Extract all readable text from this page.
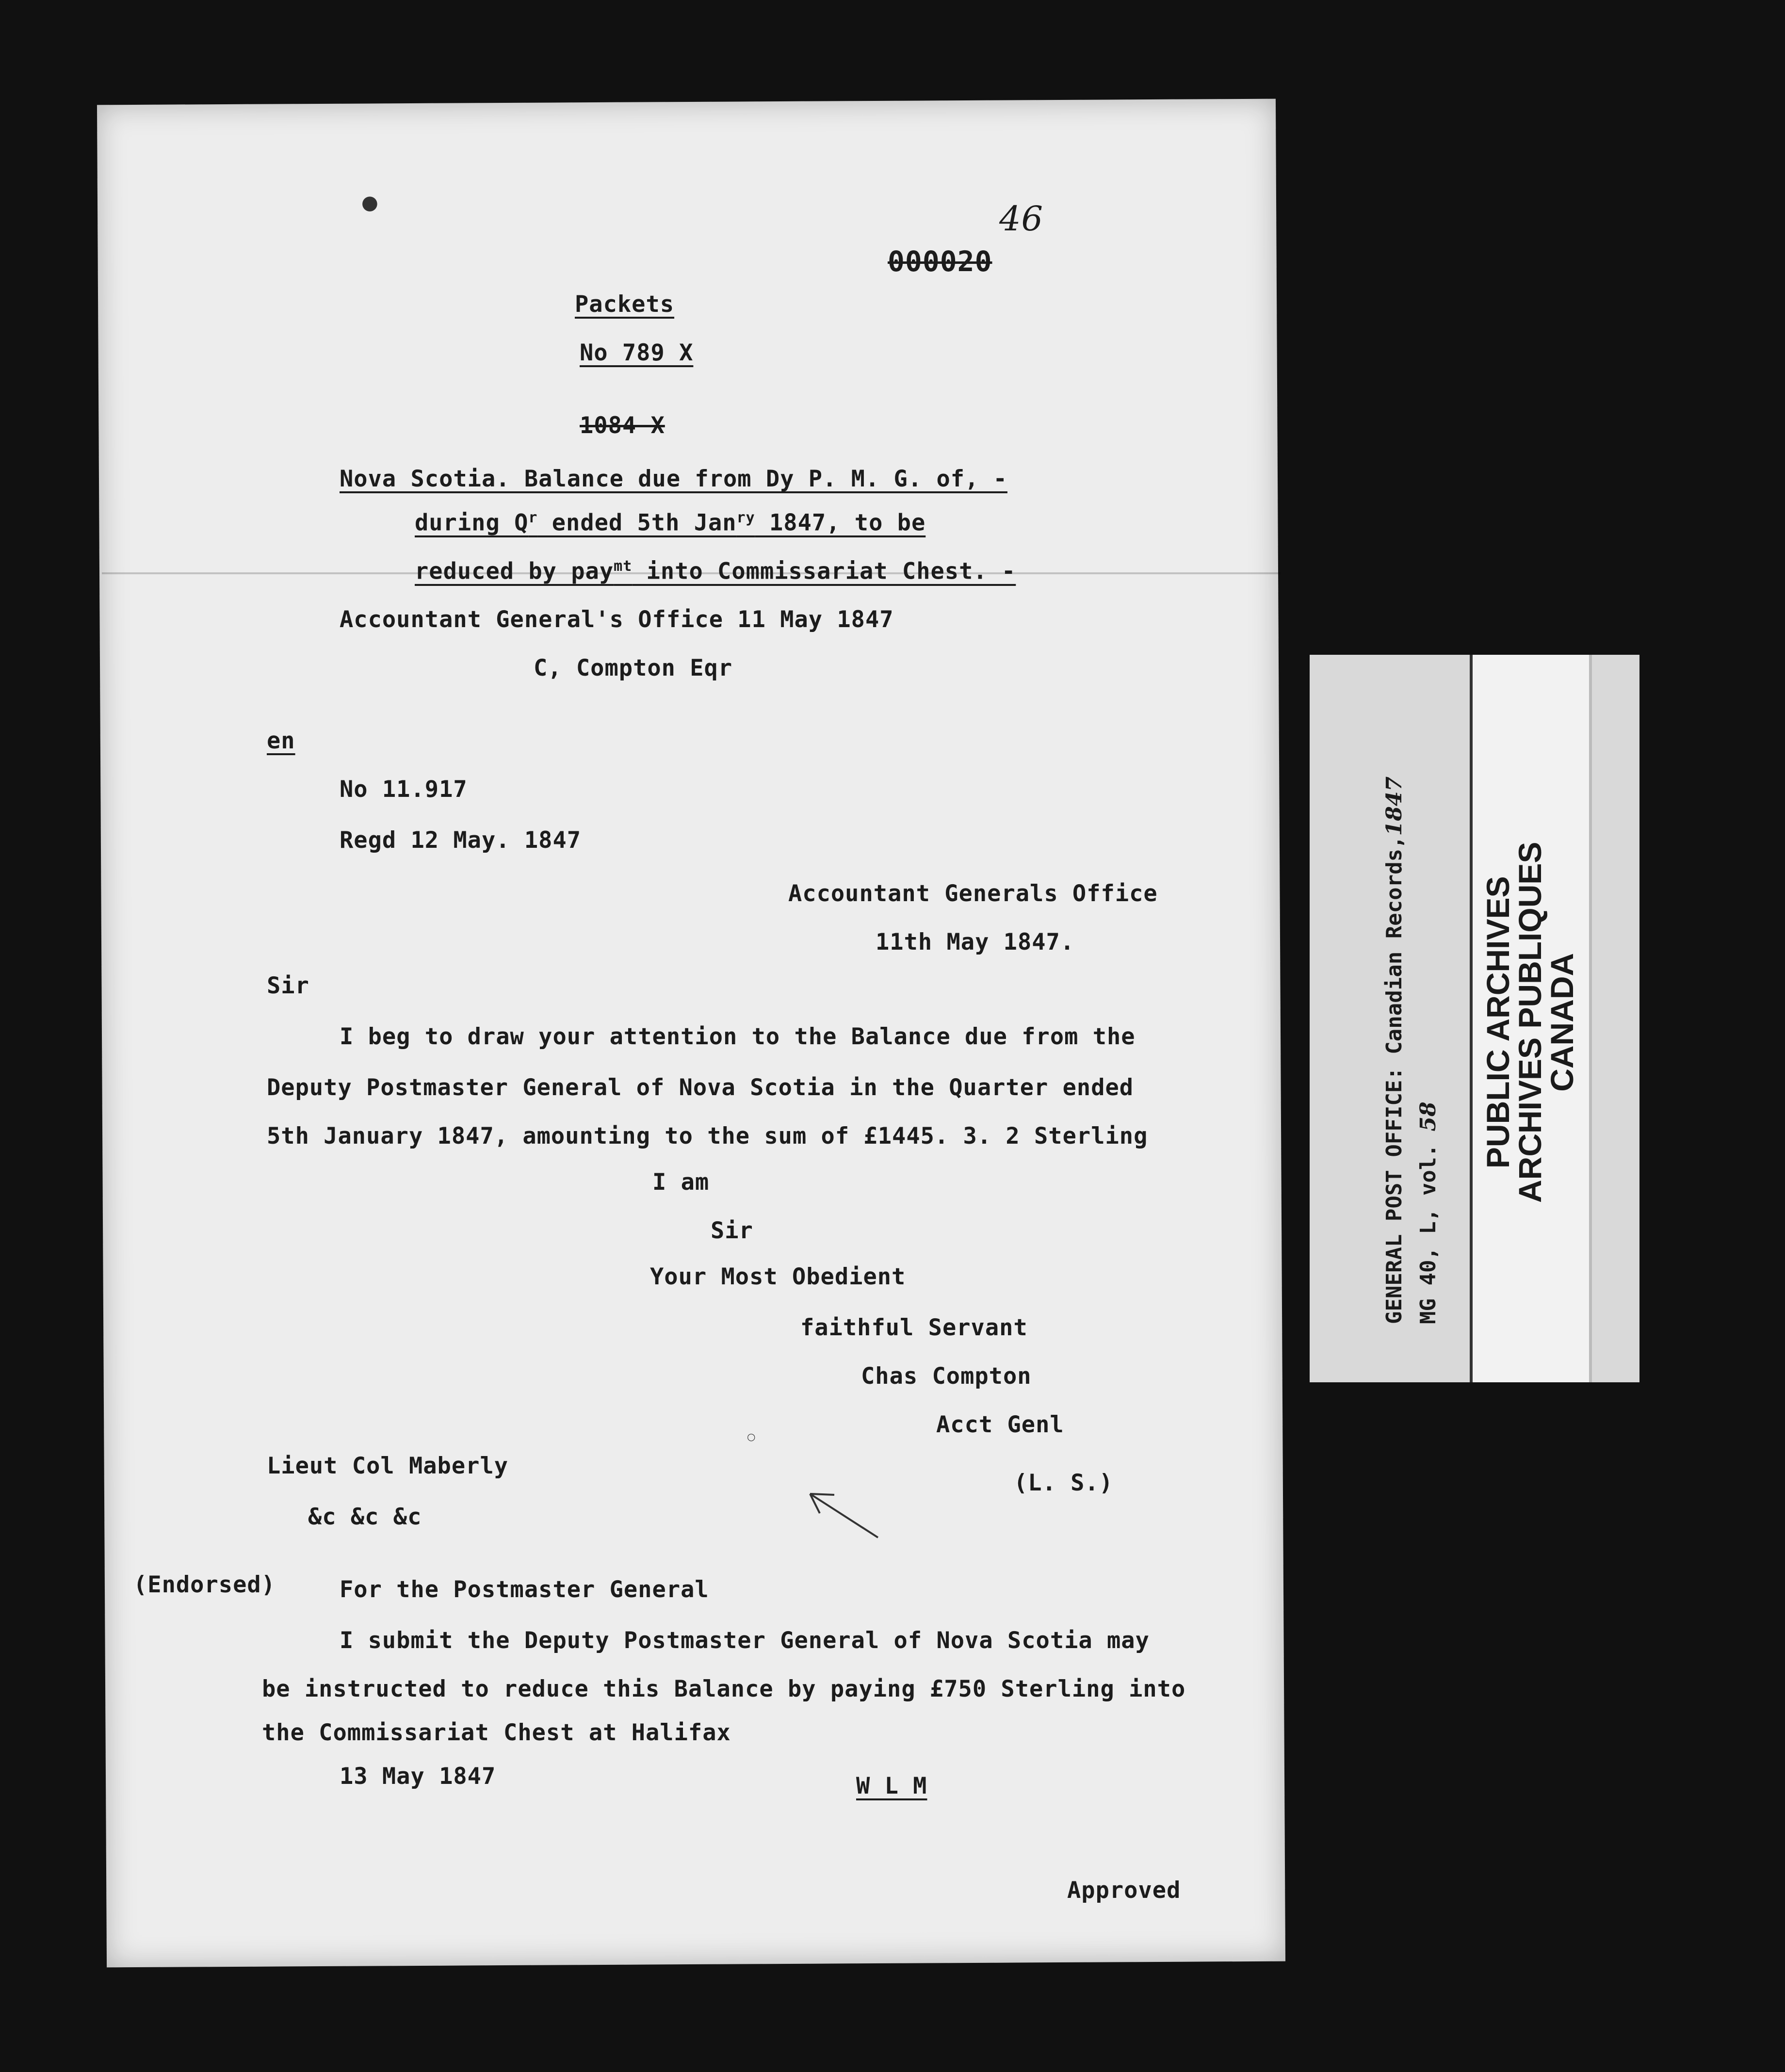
46
000020
Packets
No 789 X
1084 X
Nova Scotia. Balance due from Dy P. M. G. of, -
during $Q^r$ ended 5th Jan$^{ry}$ 1847, to be
reduced by pay$^{mt}$ into Commissariat Chest. -
Accountant General's Office 11 May 1847
C, Compton Eqr
en
No 11.917
Regd 12 May. 1847
Accountant Generals Office
11th May 1847.
Sir
I beg to draw your attention to the Balance due from the
Deputy Postmaster General of Nova Scotia in the Quarter ended
5th January 1847, amounting to the sum of £1445. 3. 2 Sterling
I am
Sir
Your Most Obedient
faithful Servant
Chas Compton
Acct Genl
Lieut Col Maberly
(L. S.)
&c &c &c
(Endorsed)	For the Postmaster General
I submit the Deputy Postmaster General of Nova Scotia may
be instructed to reduce this Balance by paying £750 Sterling into
the Commissariat Chest at Halifax
13 May 1847	W L M
Approved
●
○
GENERAL POST OFFICE: Canadian Records,1847
MG 40, L, vol. 58 PUBLIC ARCHIVES
ARCHIVES PUBLIQUES
CANADA
